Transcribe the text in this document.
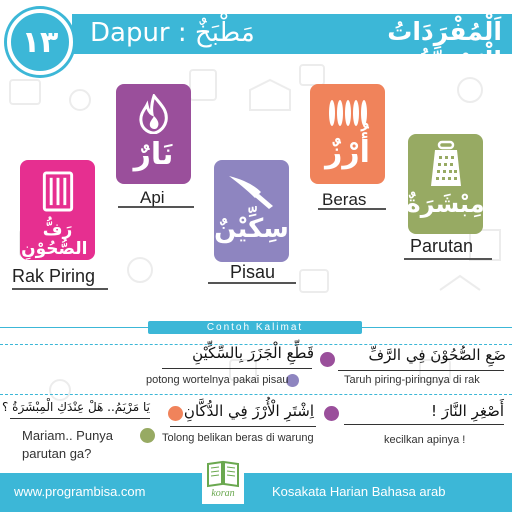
١٣ Dapur : مَطْبَخٌ	اَلْمُفْرَدَاتُ الْيَوْمِيَّةُ
رَفُّ الصُّحُوْنِ
Rak Piring
نَارٌ
Api
سِكِّيْنٌ
Pisau
أُرْزٌ
Beras مِبْشَرَةٌ
Parutan
Contoh Kalimat
ضَعِ الصُّحُوْنَ فِي الرَّفِّ
Taruh piring-piringnya di rak
قَطِّعِ الْجَزَرَ بِالسِّكِّيْنِ
potong wortelnya pakai pisau
أَصْغِرِ النَّارَ !
kecilkan apinya !
اِشْتَرِ الْأُرْزَ فِي الدُّكَّانِ
Tolong belikan beras di warung
يَا مَرْيَمُ.. هَلْ عِنْدَكِ الْمِبْشَرَةُ ؟
Mariam.. Punya
parutan ga?
www.programbisa.com	koran	Kosakata Harian Bahasa arab
